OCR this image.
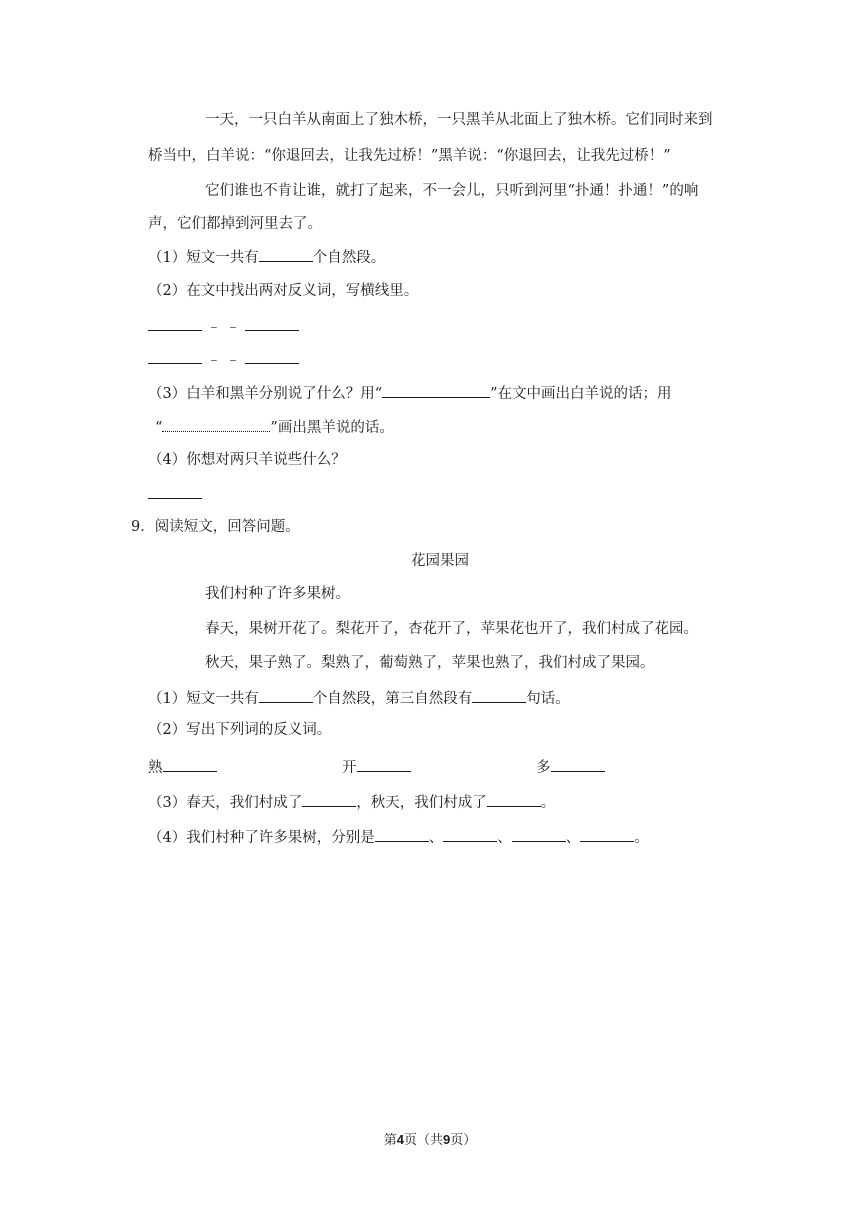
一天，一只白羊从南面上了独木桥，一只黑羊从北面上了独木桥。它们同时来到
桥当中，白羊说：“你退回去，让我先过桥！”黑羊说：“你退回去，让我先过桥！”
它们谁也不肯让谁，就打了起来，不一会儿，只听到河里“扑通！扑通！”的响
声，它们都掉到河里去了。
（1）短文一共有	个自然段。
（2）在文中找出两对反义词，写横线里。
﹣ ﹣
﹣ ﹣
（3）白羊和黑羊分别说了什么？用“	”在文中画出白羊说的话；用
“	”画出黑羊说的话。
（4）你想对两只羊说些什么？
9．阅读短文，回答问题。
花园果园
我们村种了许多果树。
春天，果树开花了。梨花开了，杏花开了，苹果花也开了，我们村成了花园。
秋天，果子熟了。梨熟了，葡萄熟了，苹果也熟了，我们村成了果园。
（1）短文一共有	个自然段，第三自然段有	句话。
（2）写出下列词的反义词。
熟	开	多
（3）春天，我们村成了	，秋天，我们村成了	。
（4）我们村种了许多果树，分别是	、	、	、	。
第4页（共9页）
